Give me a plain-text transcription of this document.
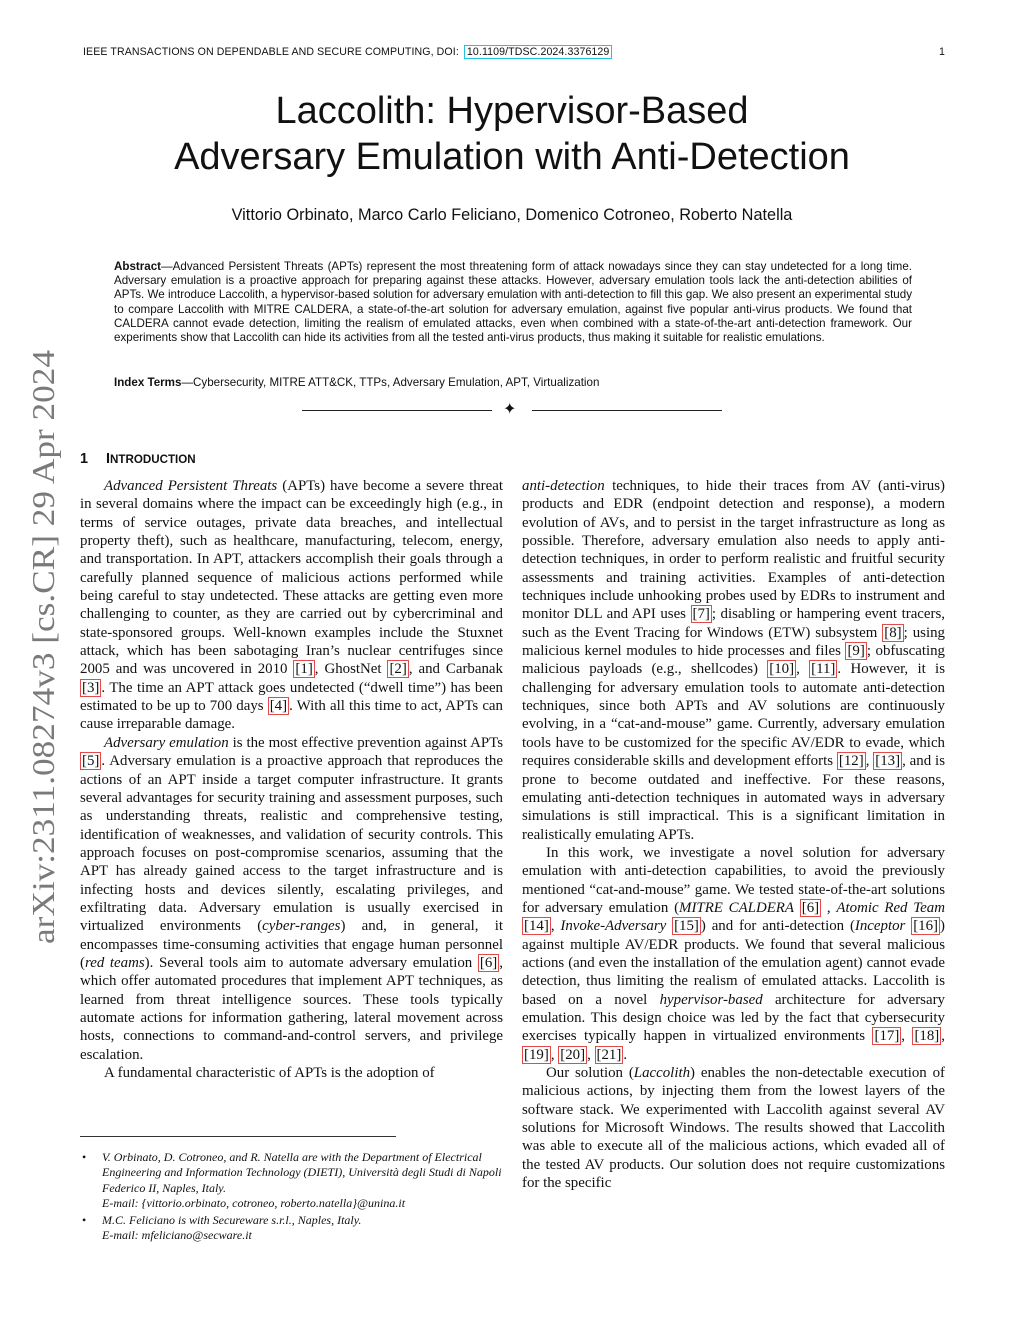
IEEE TRANSACTIONS ON DEPENDABLE AND SECURE COMPUTING, DOI: 10.1109/TDSC.2024.3376129	1
arXiv:2311.08274v3 [cs.CR] 29 Apr 2024
Laccolith: Hypervisor-Based
Adversary Emulation with Anti-Detection
Vittorio Orbinato, Marco Carlo Feliciano, Domenico Cotroneo, Roberto Natella

Abstract—Advanced Persistent Threats (APTs) represent the most threatening form of attack nowadays since they can stay undetected for a long time. Adversary emulation is a proactive approach for preparing against these attacks. However, adversary emulation tools lack the anti-detection abilities of APTs. We introduce Laccolith, a hypervisor-based solution for adversary emulation with anti-detection to fill this gap. We also present an experimental study to compare Laccolith with MITRE CALDERA, a state-of-the-art solution for adversary emulation, against five popular anti-virus products. We found that CALDERA cannot evade detection, limiting the realism of emulated attacks, even when combined with a state-of-the-art anti-detection framework. Our experiments show that Laccolith can hide its activities from all the tested anti-virus products, thus making it suitable for realistic emulations.

Index Terms—Cybersecurity, MITRE ATT&CK, TTPs, Adversary Emulation, APT, Virtualization

✦
1 INTRODUCTION

Advanced Persistent Threats (APTs) have become a severe threat in several domains where the impact can be exceedingly high (e.g., in terms of service outages, private data breaches, and intellectual property theft), such as healthcare, manufacturing, telecom, energy, and transportation. In APT, attackers accomplish their goals through a carefully planned sequence of malicious actions performed while being careful to stay undetected. These attacks are getting even more challenging to counter, as they are carried out by cybercriminal and state-sponsored groups. Well-known examples include the Stuxnet attack, which has been sabotaging Iran’s nuclear centrifuges since 2005 and was uncovered in 2010 [1] , GhostNet [2] , and Carbanak [3] . The time an APT attack goes undetected (“dwell time”) has been estimated to be up to 700 days [4] . With all this time to act, APTs can cause irreparable damage.

Adversary emulation is the most effective prevention against APTs [5] . Adversary emulation is a proactive approach that reproduces the actions of an APT inside a target computer infrastructure. It grants several advantages for security training and assessment purposes, such as understanding threats, realistic and comprehensive testing, identification of weaknesses, and validation of security controls. This approach focuses on post-compromise scenarios, assuming that the APT has already gained access to the target infrastructure and is infecting hosts and devices silently, escalating privileges, and exfiltrating data. Adversary emulation is usually exercised in virtualized environments (cyber-ranges) and, in general, it encompasses time-consuming activities that engage human personnel (red teams). Several tools aim to automate adversary emulation [6] , which offer automated procedures that implement APT techniques, as learned from threat intelligence sources. These tools typically automate actions for information gathering, lateral movement across hosts, connections to command-and-control servers, and privilege escalation.

A fundamental characteristic of APTs is the adoption of

anti-detection techniques, to hide their traces from AV (anti-virus) products and EDR (endpoint detection and response), a modern evolution of AVs, and to persist in the target infrastructure as long as possible. Therefore, adversary emulation also needs to apply anti-detection techniques, in order to perform realistic and fruitful security assessments and training activities. Examples of anti-detection techniques include unhooking probes used by EDRs to instrument and monitor DLL and API uses [7] ; disabling or hampering event tracers, such as the Event Tracing for Windows (ETW) subsystem [8] ; using malicious kernel modules to hide processes and files [9] ; obfuscating malicious payloads (e.g., shellcodes) [10] , [11] . However, it is challenging for adversary emulation tools to automate anti-detection techniques, since both APTs and AV solutions are continuously evolving, in a “cat-and-mouse” game. Currently, adversary emulation tools have to be customized for the specific AV/EDR to evade, which requires considerable skills and development efforts [12] , [13] , and is prone to become outdated and ineffective. For these reasons, emulating anti-detection techniques in automated ways in adversary simulations is still impractical. This is a significant limitation in realistically emulating APTs.

In this work, we investigate a novel solution for adversary emulation with anti-detection capabilities, to avoid the previously mentioned “cat-and-mouse” game. We tested state-of-the-art solutions for adversary emulation (MITRE CALDERA [6] , Atomic Red Team [14] , Invoke-Adversary [15] ) and for anti-detection (Inceptor [16] ) against multiple AV/EDR products. We found that several malicious actions (and even the installation of the emulation agent) cannot evade detection, thus limiting the realism of emulated attacks. Laccolith is based on a novel hypervisor-based architecture for adversary emulation. This design choice was led by the fact that cybersecurity exercises typically happen in virtualized environments [17] , [18] , [19] , [20] , [21] .

Our solution (Laccolith) enables the non-detectable execution of malicious actions, by injecting them from the lowest layers of the software stack. We experimented with Laccolith against several AV solutions for Microsoft Windows. The results showed that Laccolith was able to execute all of the malicious actions, which evaded all of the tested AV products. Our solution does not require customizations for the specific

• V. Orbinato, D. Cotroneo, and R. Natella are with the Department of Electrical Engineering and Information Technology (DIETI), Università degli Studi di Napoli Federico II, Naples, Italy.
E-mail: {vittorio.orbinato, cotroneo, roberto.natella}@unina.it
• M.C. Feliciano is with Secureware s.r.l., Naples, Italy.
E-mail: mfeliciano@secware.it
